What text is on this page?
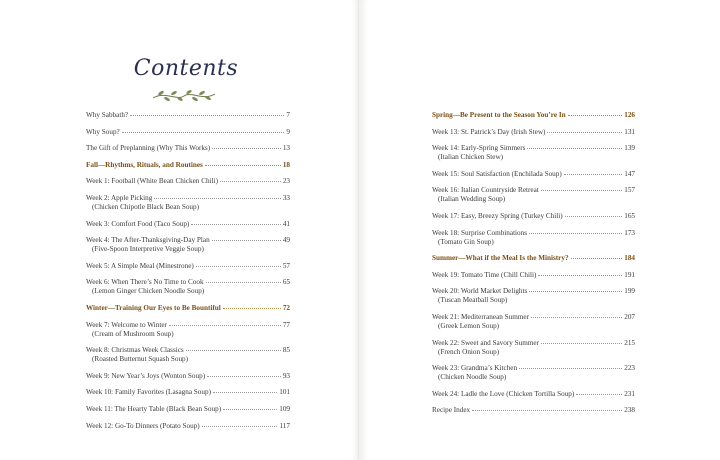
Contents
Why Sabbath?	7
Why Soup?	9
The Gift of Preplanning (Why This Works)	13
Fall—Rhythms, Rituals, and Routines	18
Week 1: Football (White Bean Chicken Chili)	23
Week 2: Apple Picking	33
(Chicken Chipotle Black Bean Soup)
Week 3: Comfort Food (Taco Soup)	41
Week 4: The After-Thanksgiving-Day Plan	49
(Five-Spoon Interpretive Veggie Soup)
Week 5: A Simple Meal (Minestrone)	57
Week 6: When There’s No Time to Cook	65
(Lemon Ginger Chicken Noodle Soup)
Winter—Training Our Eyes to Be Bountiful	72
Week 7: Welcome to Winter	77
(Cream of Mushroom Soup)
Week 8: Christmas Week Classics	85
(Roasted Butternut Squash Soup)
Week 9: New Year’s Joys (Wonton Soup)	93
Week 10: Family Favorites (Lasagna Soup)	101
Week 11: The Hearty Table (Black Bean Soup)	109
Week 12: Go-To Dinners (Potato Soup)	117
Spring—Be Present to the Season You’re In	126
Week 13: St. Patrick’s Day (Irish Stew)	131
Week 14: Early-Spring Simmers	139
(Italian Chicken Stew)
Week 15: Soul Satisfaction (Enchilada Soup)	147
Week 16: Italian Countryside Retreat	157
(Italian Wedding Soup)
Week 17: Easy, Breezy Spring (Turkey Chili)	165
Week 18: Surprise Combinations	173
(Tomato Gin Soup)
Summer—What if the Meal Is the Ministry?	184
Week 19: Tomato Time (Chill Chili)	191
Week 20: World Market Delights	199
(Tuscan Meatball Soup)
Week 21: Mediterranean Summer	207
(Greek Lemon Soup)
Week 22: Sweet and Savory Summer	215
(French Onion Soup)
Week 23: Grandma’s Kitchen	223
(Chicken Noodle Soup)
Week 24: Ladle the Love (Chicken Tortilla Soup)	231
Recipe Index	238
